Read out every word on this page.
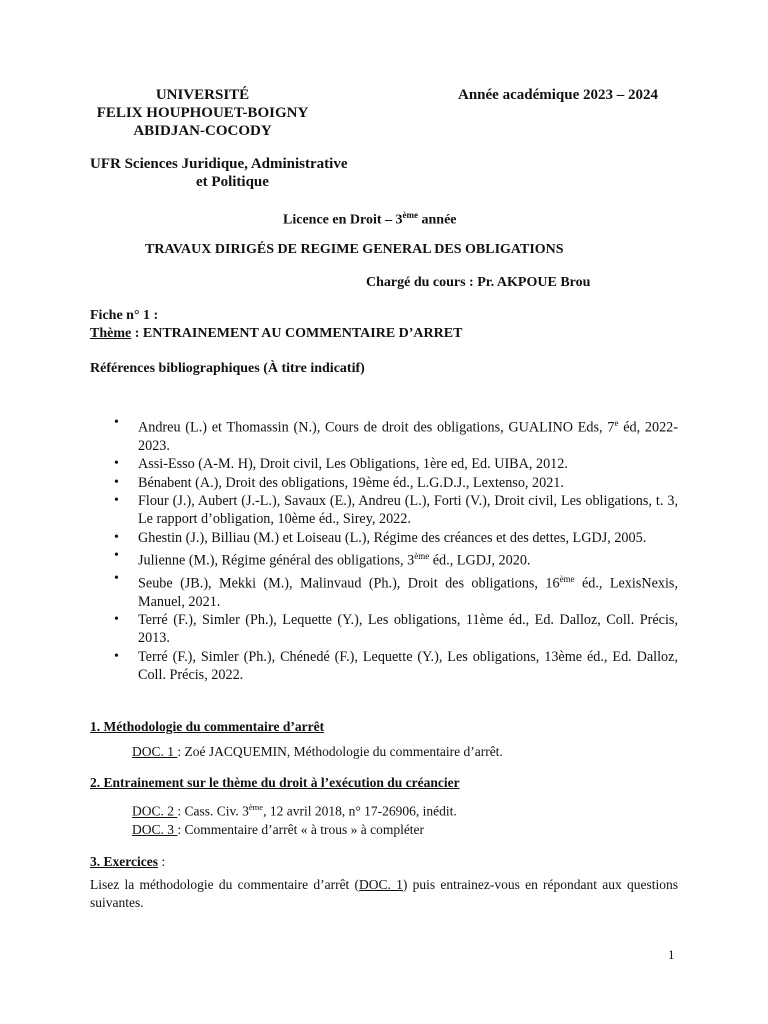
UNIVERSITÉ
FELIX HOUPHOUET-BOIGNY
ABIDJAN-COCODY
Année académique 2023 – 2024
UFR Sciences Juridique, Administrative
et Politique
Licence en Droit – 3ème année
TRAVAUX DIRIGÉS DE REGIME GENERAL DES OBLIGATIONS
Chargé du cours : Pr. AKPOUE Brou
Fiche n° 1 :
Thème : ENTRAINEMENT AU COMMENTAIRE D’ARRET
Références bibliographiques (À titre indicatif)
• Andreu (L.) et Thomassin (N.), Cours de droit des obligations, GUALINO Eds, 7e éd, 2022-2023.
• Assi-Esso (A-M. H), Droit civil, Les Obligations, 1ère ed, Ed. UIBA, 2012.
• Bénabent (A.), Droit des obligations, 19ème éd., L.G.D.J., Lextenso, 2021.
• Flour (J.), Aubert (J.-L.), Savaux (E.), Andreu (L.), Forti (V.), Droit civil, Les obligations, t. 3, Le rapport d’obligation, 10ème éd., Sirey, 2022.
• Ghestin (J.), Billiau (M.) et Loiseau (L.), Régime des créances et des dettes, LGDJ, 2005.
• Julienne (M.), Régime général des obligations, 3ème éd., LGDJ, 2020.
• Seube (JB.), Mekki (M.), Malinvaud (Ph.), Droit des obligations, 16ème éd., LexisNexis, Manuel, 2021.
• Terré (F.), Simler (Ph.), Lequette (Y.), Les obligations, 11ème éd., Ed. Dalloz, Coll. Précis, 2013.
• Terré (F.), Simler (Ph.), Chénedé (F.), Lequette (Y.), Les obligations, 13ème éd., Ed. Dalloz, Coll. Précis, 2022.
1. Méthodologie du commentaire d’arrêt
DOC. 1 : Zoé JACQUEMIN, Méthodologie du commentaire d’arrêt.
2. Entrainement sur le thème du droit à l’exécution du créancier
DOC. 2 : Cass. Civ. 3ème, 12 avril 2018, n° 17-26906, inédit.
DOC. 3 : Commentaire d’arrêt « à trous » à compléter
3. Exercices :
Lisez la méthodologie du commentaire d’arrêt (DOC. 1) puis entrainez-vous en répondant aux questions suivantes.
1
